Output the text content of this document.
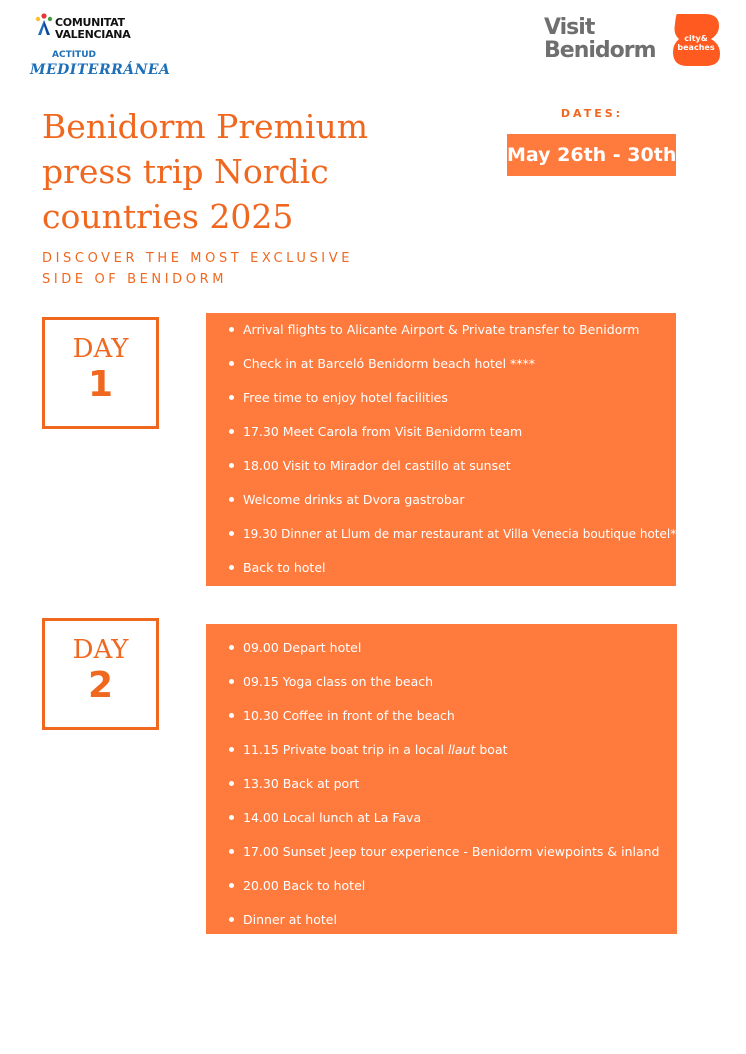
COMUNITAT
VALENCIANA
ACTITUD
MEDITERRÁNEA
Visit
Benidorm	city&
beaches
Benidorm Premium
press trip Nordic
countries 2025
DISCOVER THE MOST EXCLUSIVE
SIDE OF BENIDORM
DATES:
May 26th - 30th
DAY
1
Arrival flights to Alicante Airport & Private transfer to Benidorm
Check in at Barceló Benidorm beach hotel ****
Free time to enjoy hotel facilities
17.30 Meet Carola from Visit Benidorm team
18.00 Visit to Mirador del castillo at sunset
Welcome drinks at Dvora gastrobar
19.30 Dinner at Llum de mar restaurant at Villa Venecia boutique hotel*****
Back to hotel
DAY
2
09.00 Depart hotel
09.15 Yoga class on the beach
10.30 Coffee in front of the beach
11.15 Private boat trip in a local llaut boat
13.30 Back at port
14.00 Local lunch at La Fava
17.00 Sunset Jeep tour experience - Benidorm viewpoints & inland
20.00 Back to hotel
Dinner at hotel
